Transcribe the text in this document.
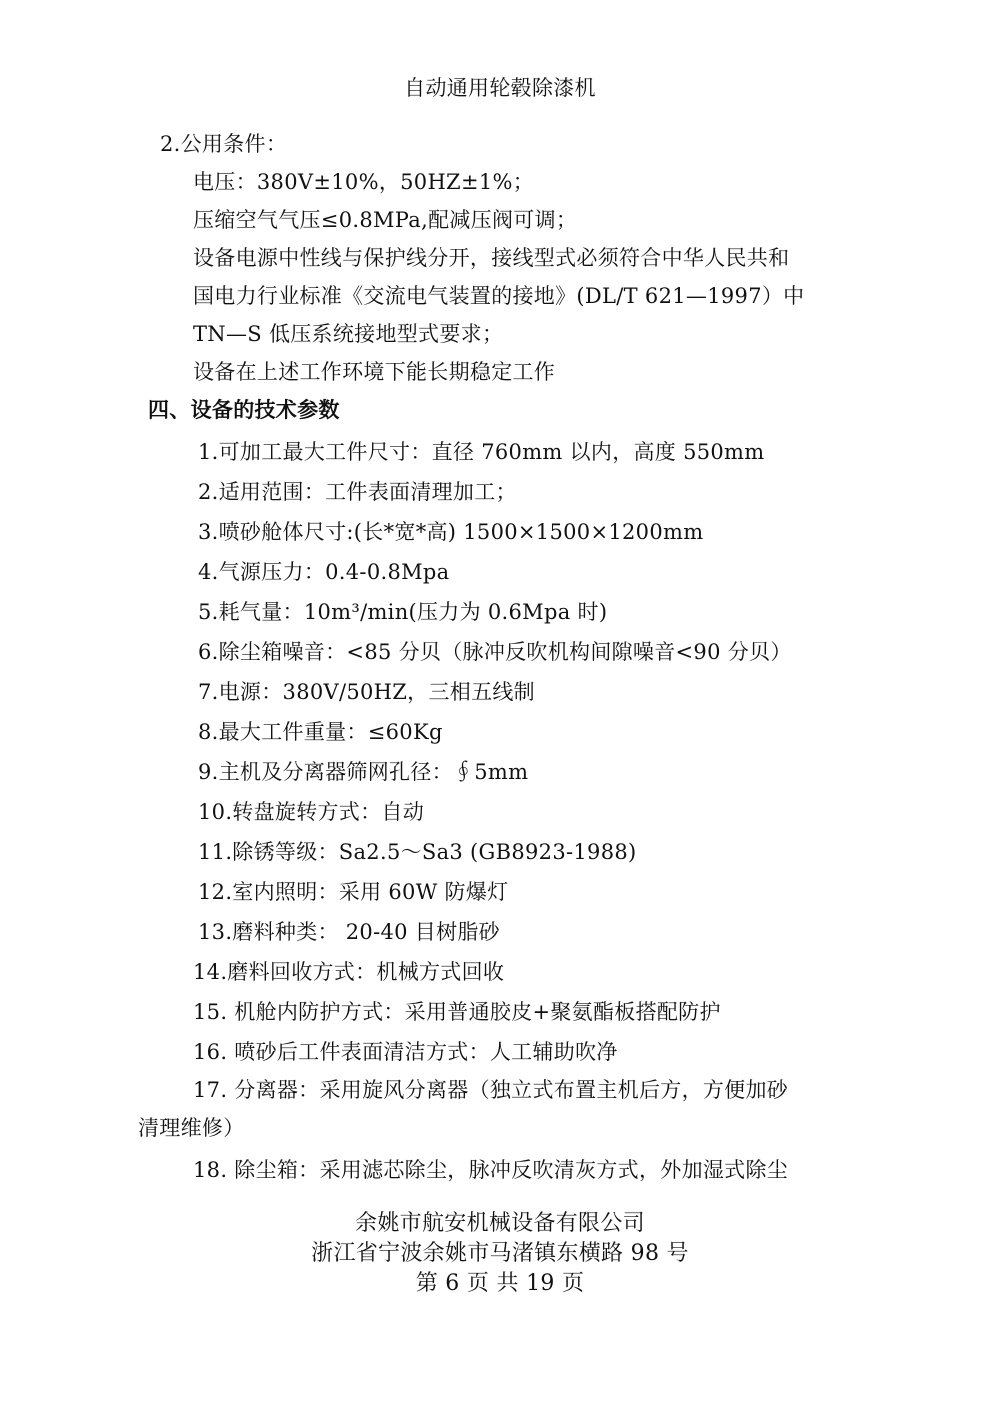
自动通用轮毂除漆机
2.公用条件：
电压：380V±10%，50HZ±1%；
压缩空气气压≤0.8MPa,配减压阀可调；
设备电源中性线与保护线分开，接线型式必须符合中华人民共和
国电力行业标准《交流电气装置的接地》(DL/T 621—1997）中
TN—S 低压系统接地型式要求；
设备在上述工作环境下能长期稳定工作
四、设备的技术参数
1.可加工最大工件尺寸：直径 760mm 以内，高度 550mm
2.适用范围：工件表面清理加工；
3.喷砂舱体尺寸:(长*宽*高) 1500×1500×1200mm
4.气源压力：0.4-0.8Mpa
5.耗气量：10m³/min(压力为 0.6Mpa 时)
6.除尘箱噪音：<85 分贝（脉冲反吹机构间隙噪音<90 分贝）
7.电源：380V/50HZ，三相五线制
8.最大工件重量：≤60Kg
9.主机及分离器筛网孔径：∮5mm
10.转盘旋转方式：自动
11.除锈等级：Sa2.5～Sa3 (GB8923-1988)
12.室内照明：采用 60W 防爆灯
13.磨料种类： 20-40 目树脂砂
14.磨料回收方式：机械方式回收
15. 机舱内防护方式：采用普通胶皮+聚氨酯板搭配防护
16. 喷砂后工件表面清洁方式：人工辅助吹净
17. 分离器：采用旋风分离器（独立式布置主机后方，方便加砂
清理维修）
18. 除尘箱：采用滤芯除尘，脉冲反吹清灰方式，外加湿式除尘
余姚市航安机械设备有限公司
浙江省宁波余姚市马渚镇东横路 98 号
第 6 页 共 19 页
